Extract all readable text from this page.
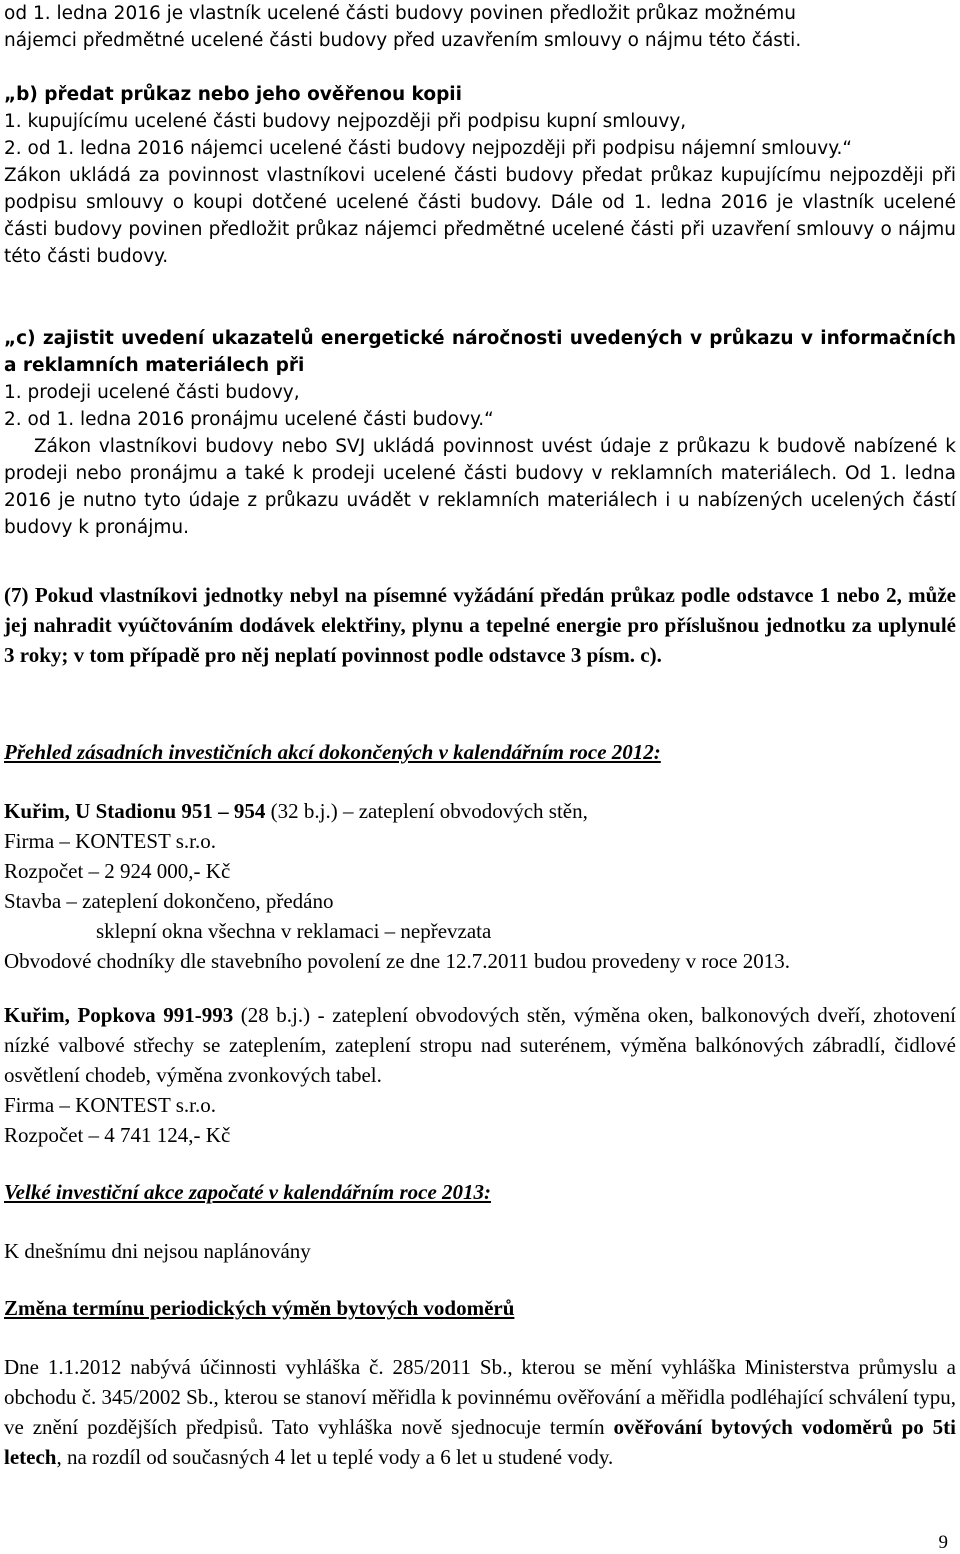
od 1. ledna 2016 je vlastník ucelené části budovy povinen předložit průkaz možnému
nájemci předmětné ucelené části budovy před uzavřením smlouvy o nájmu této části.
„b) předat průkaz nebo jeho ověřenou kopii
1. kupujícímu ucelené části budovy nejpozději při podpisu kupní smlouvy,
2. od 1. ledna 2016 nájemci ucelené části budovy nejpozději při podpisu nájemní smlouvy.“
Zákon ukládá za povinnost vlastníkovi ucelené části budovy předat průkaz kupujícímu nejpozději při podpisu smlouvy o koupi dotčené ucelené části budovy. Dále od 1. ledna 2016 je vlastník ucelené části budovy povinen předložit průkaz nájemci předmětné ucelené části při uzavření smlouvy o nájmu této části budovy.
„c) zajistit uvedení ukazatelů energetické náročnosti uvedených v průkazu v informačních a reklamních materiálech při
1. prodeji ucelené části budovy,
2. od 1. ledna 2016 pronájmu ucelené části budovy.“
Zákon vlastníkovi budovy nebo SVJ ukládá povinnost uvést údaje z průkazu k budově nabízené k prodeji nebo pronájmu a také k prodeji ucelené části budovy v reklamních materiálech. Od 1. ledna 2016 je nutno tyto údaje z průkazu uvádět v reklamních materiálech i u nabízených ucelených částí budovy k pronájmu.
(7) Pokud vlastníkovi jednotky nebyl na písemné vyžádání předán průkaz podle odstavce 1 nebo 2, může jej nahradit vyúčtováním dodávek elektřiny, plynu a tepelné energie pro příslušnou jednotku za uplynulé 3 roky; v tom případě pro něj neplatí povinnost podle odstavce 3 písm. c).
Přehled zásadních investičních akcí dokončených v kalendářním roce 2012:
Kuřim, U Stadionu 951 – 954 (32 b.j.) – zateplení obvodových stěn,
Firma – KONTEST s.r.o.
Rozpočet – 2 924 000,- Kč
Stavba – zateplení dokončeno, předáno
sklepní okna všechna v reklamaci – nepřevzata
Obvodové chodníky dle stavebního povolení ze dne 12.7.2011 budou provedeny v roce 2013.
Kuřim, Popkova 991-993 (28 b.j.) - zateplení obvodových stěn, výměna oken, balkonových dveří, zhotovení nízké valbové střechy se zateplením, zateplení stropu nad suterénem, výměna balkónových zábradlí, čidlové osvětlení chodeb, výměna zvonkových tabel.
Firma – KONTEST s.r.o.
Rozpočet – 4 741 124,- Kč
Velké investiční akce započaté v kalendářním roce 2013:
K dnešnímu dni nejsou naplánovány
Změna termínu periodických výměn bytových vodoměrů
Dne 1.1.2012 nabývá účinnosti vyhláška č. 285/2011 Sb., kterou se mění vyhláška Ministerstva průmyslu a obchodu č. 345/2002 Sb., kterou se stanoví měřidla k povinnému ověřování a měřidla podléhající schválení typu, ve znění pozdějších předpisů. Tato vyhláška nově sjednocuje termín ověřování bytových vodoměrů po 5ti letech, na rozdíl od současných 4 let u teplé vody a 6 let u studené vody.
9
